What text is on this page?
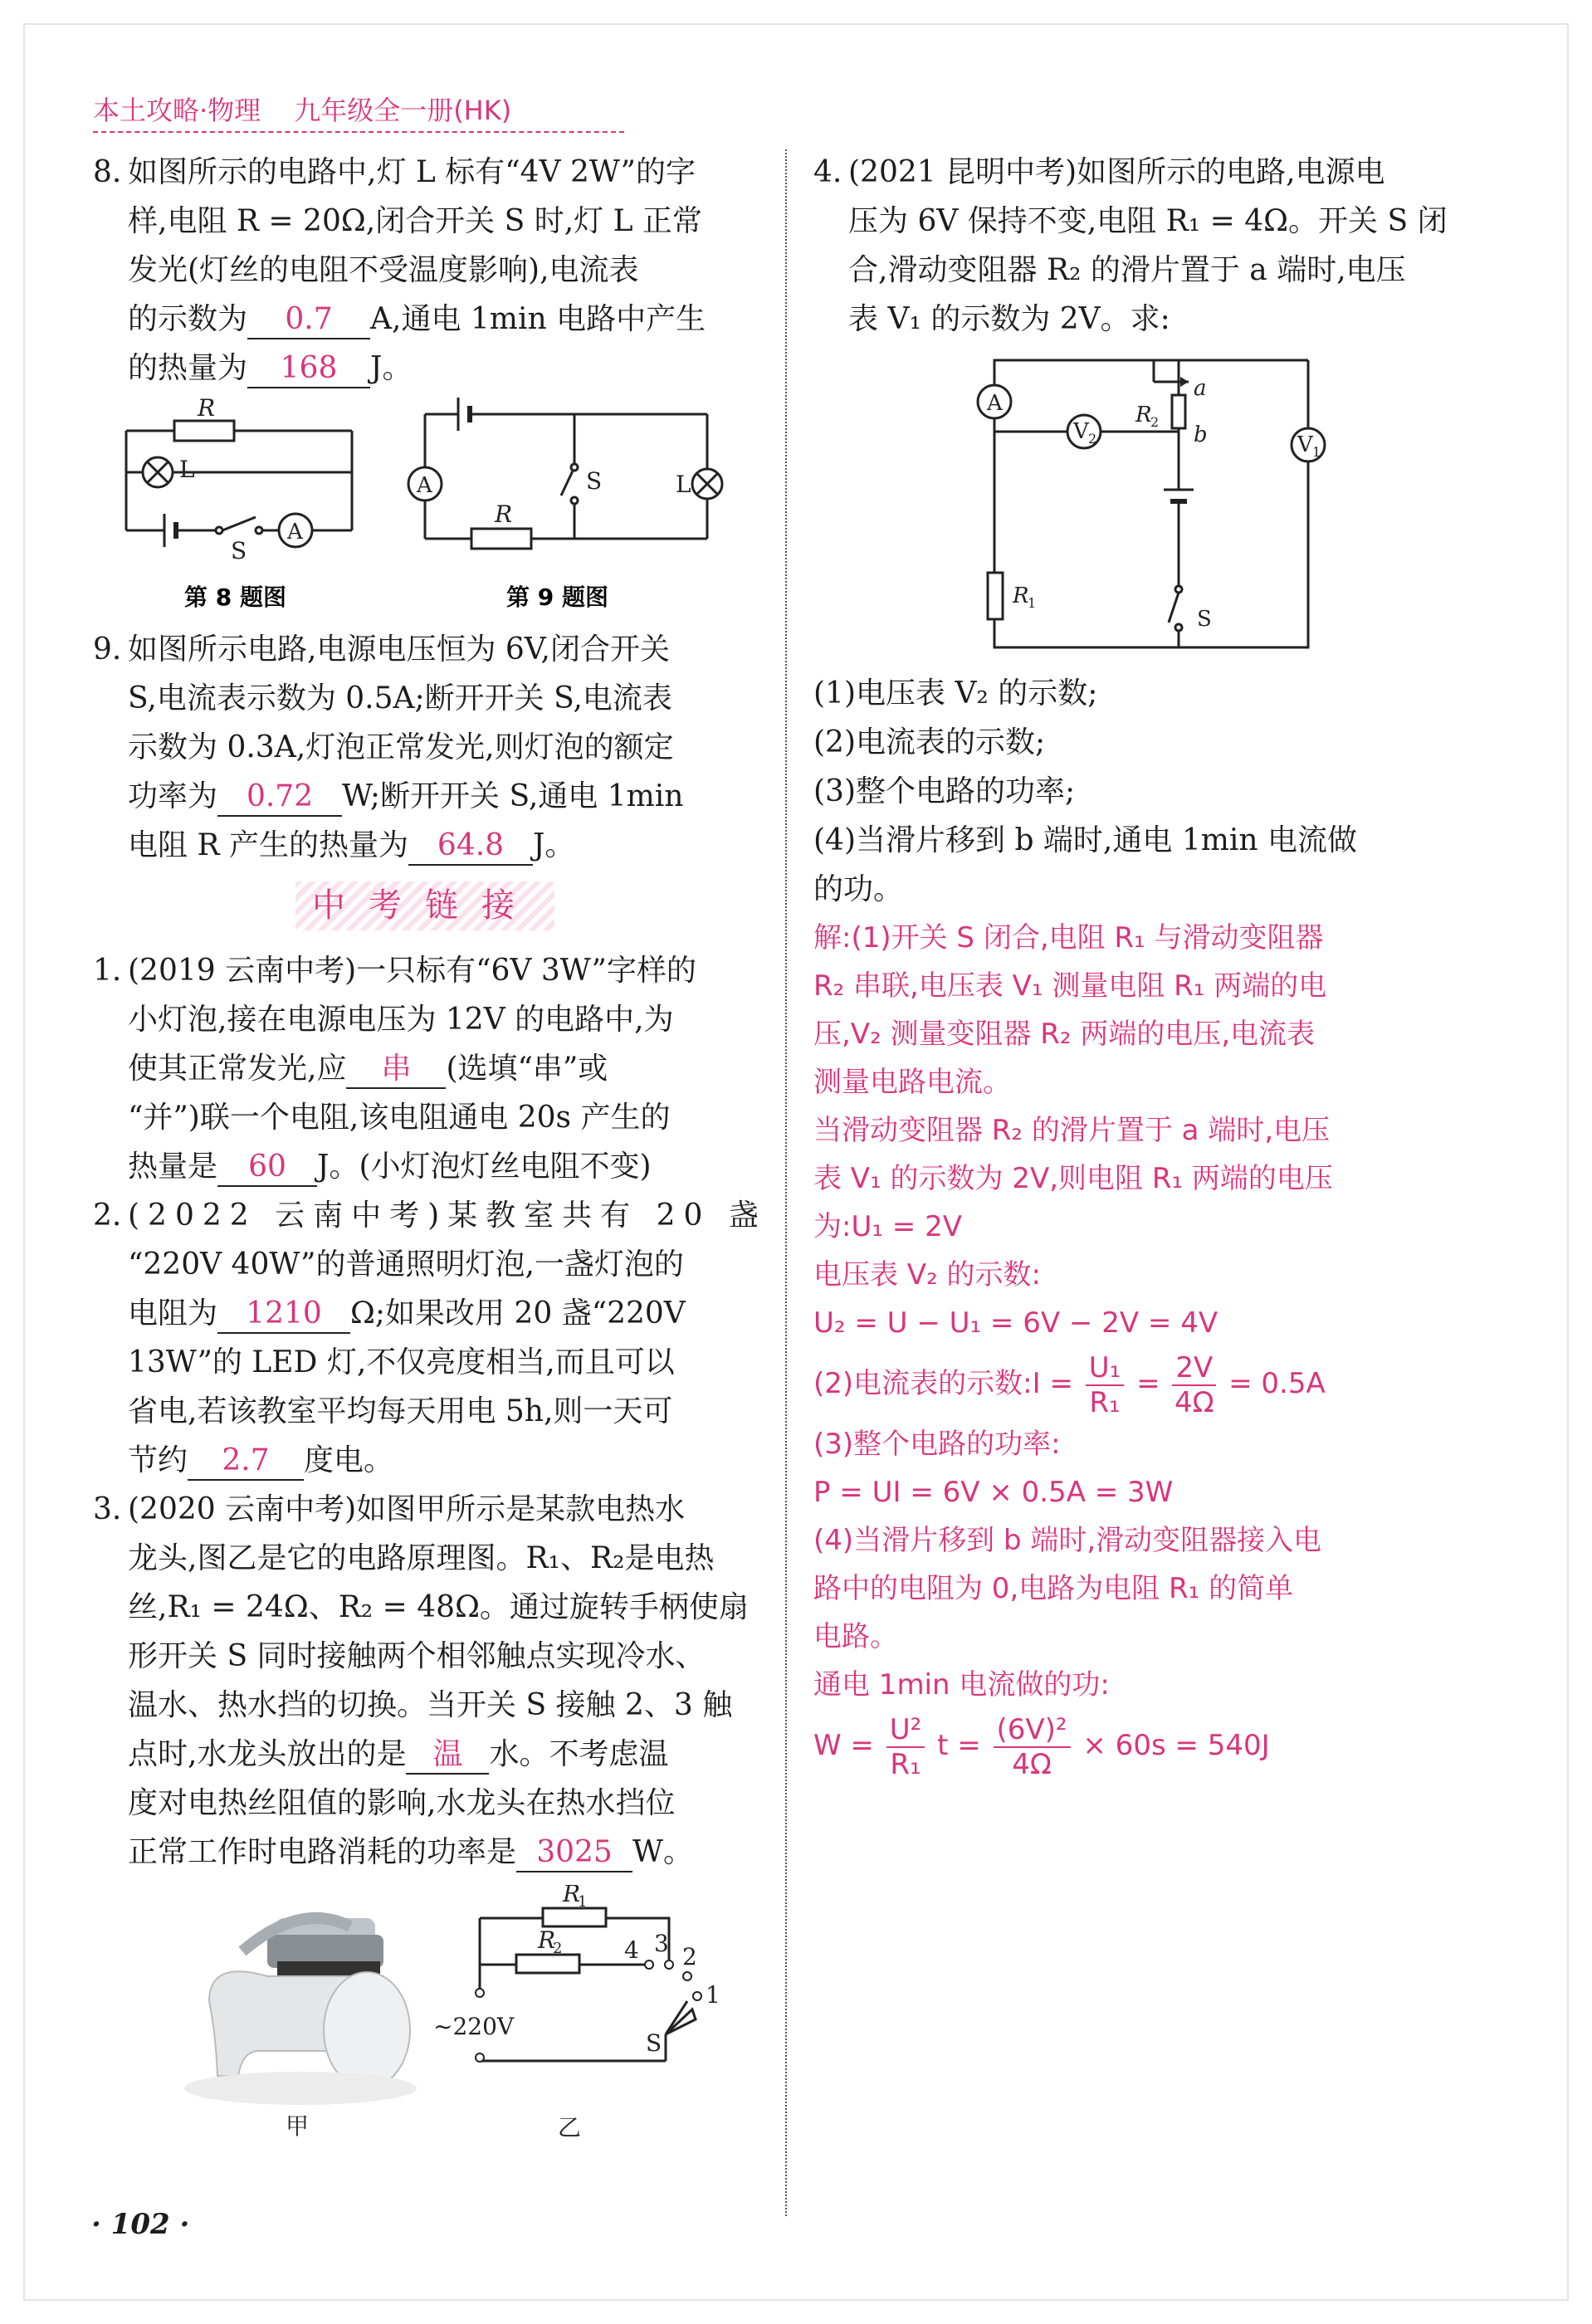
本土攻略·物理 九年级全一册(HK)
8. 如图所示的电路中,灯 L 标有“4V 2W”的字
样,电阻 R = 20Ω,闭合开关 S 时,灯 L 正常
发光(灯丝的电阻不受温度影响),电流表
的示数为 0.7 A,通电 1min 电路中产生
的热量为 168 J。
R
L
S
A
A
R
S	L
第 8 题图	第 9 题图
9. 如图所示电路,电源电压恒为 6V,闭合开关
S,电流表示数为 0.5A;断开开关 S,电流表
示数为 0.3A,灯泡正常发光,则灯泡的额定
功率为 0.72 W;断开开关 S,通电 1min
电阻 R 产生的热量为 64.8 J。
中考链接
1. (2019 云南中考)一只标有“6V 3W”字样的
小灯泡,接在电源电压为 12V 的电路中,为
使其正常发光,应 串 (选填“串”或
“并”)联一个电阻,该电阻通电 20s 产生的
热量是 60 J。(小灯泡灯丝电阻不变)
2. (2022 云南中考)某教室共有 20 盏
“220V 40W”的普通照明灯泡,一盏灯泡的
电阻为 1210 Ω;如果改用 20 盏“220V
13W”的 LED 灯,不仅亮度相当,而且可以
省电,若该教室平均每天用电 5h,则一天可
节约 2.7 度电。
3. (2020 云南中考)如图甲所示是某款电热水
龙头,图乙是它的电路原理图。R₁、R₂是电热
丝,R₁ = 24Ω、R₂ = 48Ω。通过旋转手柄使扇
形开关 S 同时接触两个相邻触点实现冷水、
温水、热水挡的切换。当开关 S 接触 2、3 触
点时,水龙头放出的是 温 水。不考虑温
度对电热丝阻值的影响,水龙头在热水挡位
正常工作时电路消耗的功率是 3025 W。
R
1
R
2	4 3 2
1
S
~220V
甲	乙
4. (2021 昆明中考)如图所示的电路,电源电
压为 6V 保持不变,电阻 R₁ = 4Ω。开关 S 闭
合,滑动变阻器 R₂ 的滑片置于 a 端时,电压
表 V₁ 的示数为 2V。求:
A
V 2	V 1
a
b
R
2
R
1
S
(1)电压表 V₂ 的示数;
(2)电流表的示数;
(3)整个电路的功率;
(4)当滑片移到 b 端时,通电 1min 电流做
的功。
解:(1)开关 S 闭合,电阻 R₁ 与滑动变阻器
R₂ 串联,电压表 V₁ 测量电阻 R₁ 两端的电
压,V₂ 测量变阻器 R₂ 两端的电压,电流表
测量电路电流。
当滑动变阻器 R₂ 的滑片置于 a 端时,电压
表 V₁ 的示数为 2V,则电阻 R₁ 两端的电压
为:U₁ = 2V
电压表 V₂ 的示数:
U₂ = U − U₁ = 6V − 2V = 4V
(2)电流表的示数:I = $\frac{\text{U₁}}{\text{R₁}} = \frac{2V}{4\Omega} = 0.5A$
(3)整个电路的功率:
P = UI = 6V × 0.5A = 3W
(4)当滑片移到 b 端时,滑动变阻器接入电
路中的电阻为 0,电路为电阻 R₁ 的简单
电路。
通电 1min 电流做的功:
$W = \frac{\text{U²}}{\text{R₁}}$ $t = \frac{\text{(6V)²}}{4\Omega} \times 60s = 540J$
· 102 ·
